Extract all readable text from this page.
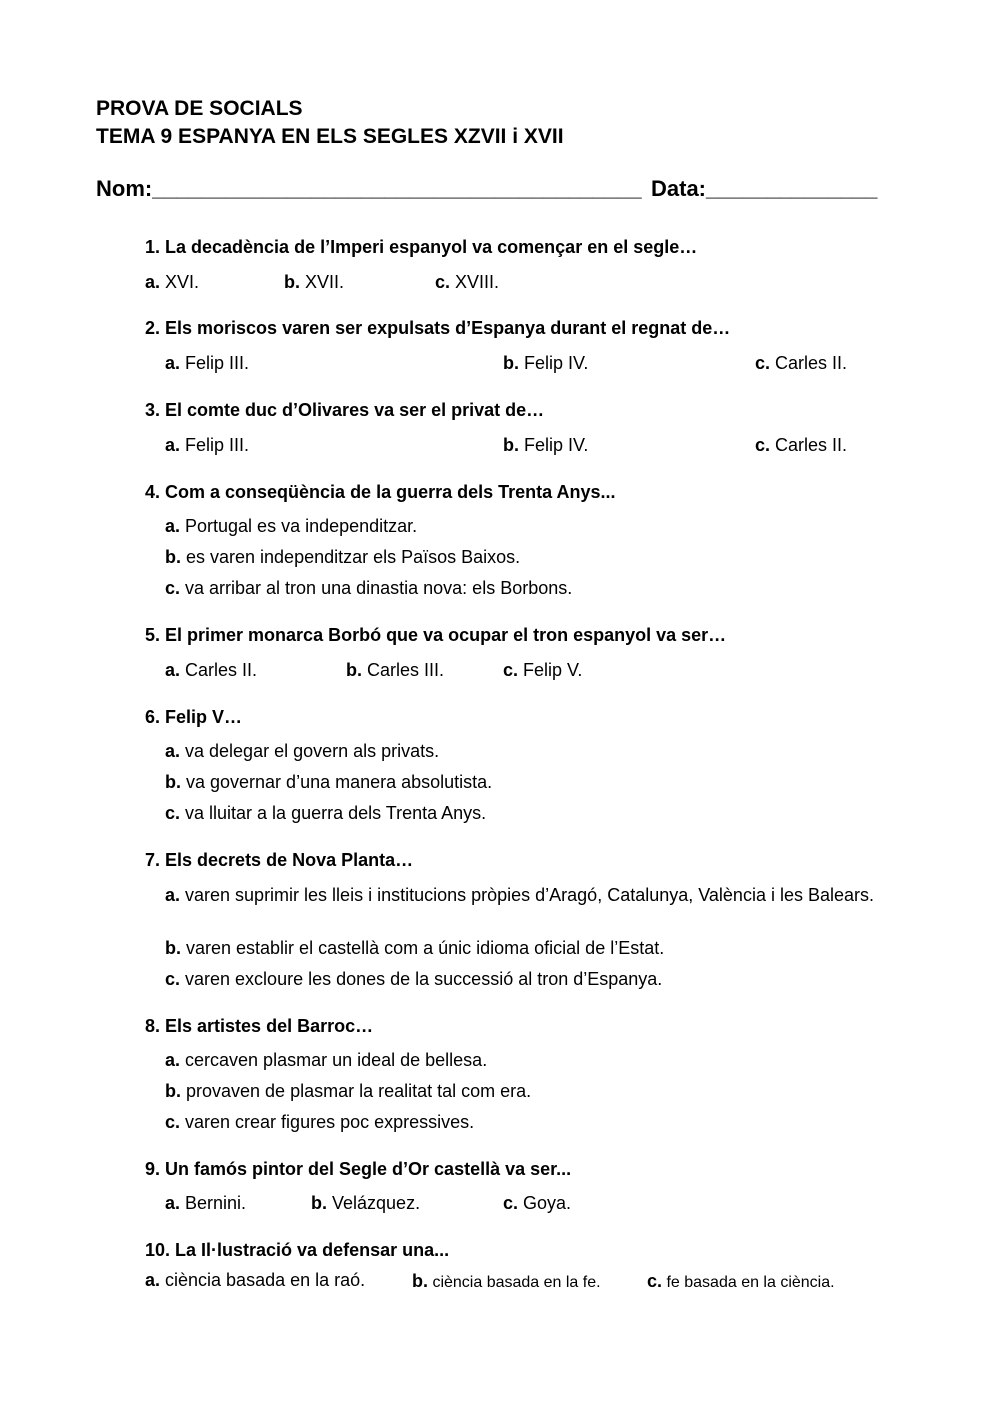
PROVA DE SOCIALS
TEMA 9 ESPANYA EN ELS SEGLES XZVII i XVII
Nom:________________________________________ Data:______________
1. La decadència de l’Imperi espanyol va començar en el segle…
a. XVI.	b. XVII.	c. XVIII.
2. Els moriscos varen ser expulsats d’Espanya durant el regnat de…
a. Felip III.	b. Felip IV.	c. Carles II.
3. El comte duc d’Olivares va ser el privat de…
a. Felip III.	b. Felip IV.	c. Carles II.
4. Com a conseqüència de la guerra dels Trenta Anys...
a. Portugal es va independitzar.
b. es varen independitzar els Països Baixos.
c. va arribar al tron una dinastia nova: els Borbons.
5. El primer monarca Borbó que va ocupar el tron espanyol va ser…
a. Carles II.	b. Carles III.	c. Felip V.
6. Felip V…
a. va delegar el govern als privats.
b. va governar d’una manera absolutista.
c. va lluitar a la guerra dels Trenta Anys.
7. Els decrets de Nova Planta…
a. varen suprimir les lleis i institucions pròpies d’Aragó, Catalunya, València i les Balears.
b. varen establir el castellà com a únic idioma oficial de l’Estat.
c. varen excloure les dones de la successió al tron d’Espanya.
8. Els artistes del Barroc…
a. cercaven plasmar un ideal de bellesa.
b. provaven de plasmar la realitat tal com era.
c. varen crear figures poc expressives.
9. Un famós pintor del Segle d’Or castellà va ser...
a. Bernini.	b. Velázquez.	c. Goya.
10. La Il·lustració va defensar una...
a. ciència basada en la raó.	b. ciència basada en la fe.	c. fe basada en la ciència.
